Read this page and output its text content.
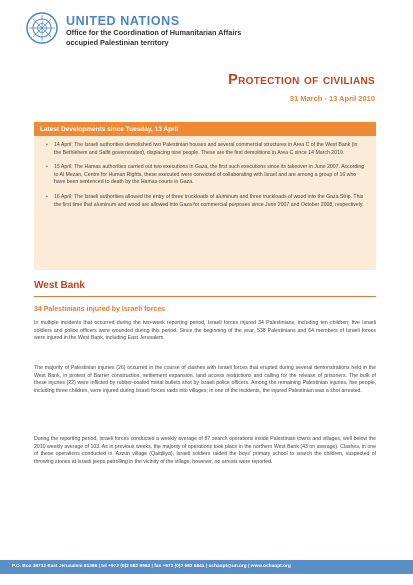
UNITED NATIONS
Office for the Coordination of Humanitarian Affairs
occupied Palestinian territory
Protection of civilians
31 March - 13 April 2010
Latest Developments since Tuesday, 13 April
• 14 April: The Israeli authorities demolished two Palestinian houses and several commercial structures in Area C of the West Bank (in the Bethlehem and Salfit governorates), displacing nine people. These are the first demolitions in Area C since 14 March 2010.
• 15 April: The Hamas authorities carried out two executions in Gaza, the first such executions since its takeover in June 2007. According to Al Mezan, Centre for Human Rights, these executed were convicted of collaborating with Israel and are among a group of 16 who have been sentenced to death by the Hamas courts in Gaza.
• 16 April: The Israeli authorities allowed the entry of three truckloads of aluminum and three truckloads of wood into the Gaza Strip. This the first time that aluminum and wood are allowed into Gaza for commercial purposes since June 2007 and October 2008, respectively.
West Bank
34 Palestinians injured by Israeli forces

In multiple incidents that occurred during the two-week reporting period, Israeli forces injured 34 Palestinians, including ten children; five Israeli soldiers and police officers were wounded during this period. Since the beginning of the year, 538 Palestinians and 64 members of Israeli forces were injured in the West Bank, including East Jerusalem.

The majority of Palestinian injuries (26) occurred in the course of clashes with Israeli forces that erupted during several demonstrations held in the West Bank, in protest of Barrier construction, settlement expansion, land access restrictions and calling for the release of prisoners. The bulk of these injuries (22) were inflicted by rubber-coated metal bullets shot by Israeli police officers. Among the remaining Palestinian injuries, five people, including three children, were injured during Israeli forces raids into villages; in one of the incidents, the injured Palestinian was a shot arrested.

During the reporting period, Israeli forces conducted a weekly average of 87 search operations inside Palestinian towns and villages, well below the 2010 weekly average of 103. As in previous weeks, the majority of operations took place in the northern West Bank (43 on average). Clashes, in one of these operations conducted in 'Azzun village (Qalqiliya), Israeli soldiers raided the boys' primary school to search the children, suspected of throwing stones at Israeli jeeps patrolling in the vicinity of the village; however, no arrests were reported.

P.O. Box 38712 East Jerusalem 91386 | tel +972 (0)2 582 9962 | fax +972 (0)2 582 5841 | ochaopt@un.org | www.ochaopt.org
